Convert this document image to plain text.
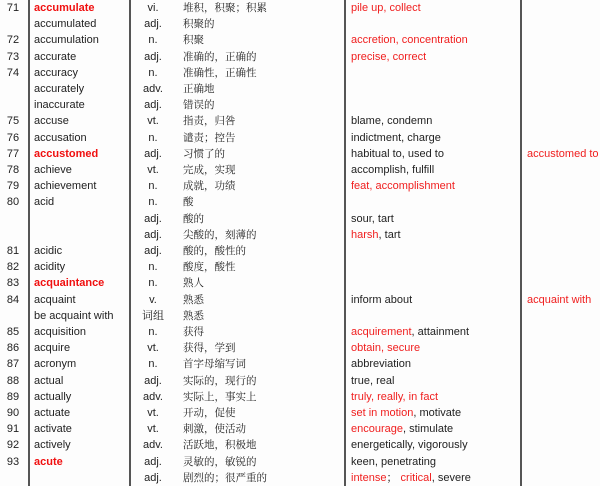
71 accumulate	vi.	堆积，积聚；积累	pile up, collect
accumulated	adj.	积聚的
72 accumulation	n.	积聚	accretion, concentration
73 accurate	adj.	准确的，正确的	precise, correct
74 accuracy	n.	准确性，正确性
accurately	adv.	正确地
inaccurate	adj.	错误的
75 accuse	vt.	指责，归咎	blame, condemn
76 accusation	n.	谴责；控告	indictment, charge
77 accustomed	adj.	习惯了的	habitual to, used to	accustomed to
78 achieve	vt.	完成，实现	accomplish, fulfill
79 achievement	n.	成就，功绩	feat, accomplishment
80 acid	n.	酸
adj.	酸的	sour, tart
adj.	尖酸的，刻薄的	harsh, tart
81 acidic	adj.	酸的，酸性的
82 acidity	n.	酸度，酸性
83 acquaintance	n.	熟人
84 acquaint	v.	熟悉	inform about	acquaint with
be acquaint with	词组	熟悉
85 acquisition	n.	获得	acquirement, attainment
86 acquire	vt.	获得，学到	obtain, secure
87 acronym	n.	首字母缩写词	abbreviation
88 actual	adj.	实际的，现行的	true, real
89 actually	adv.	实际上，事实上	truly, really, in fact
90 actuate	vt.	开动，促使	set in motion, motivate
91 activate	vt.	刺激，使活动	encourage, stimulate
92 actively	adv.	活跃地，积极地	energetically, vigorously
93 acute	adj.	灵敏的，敏锐的	keen, penetrating
adj.	剧烈的；很严重的	intense； critical, severe
